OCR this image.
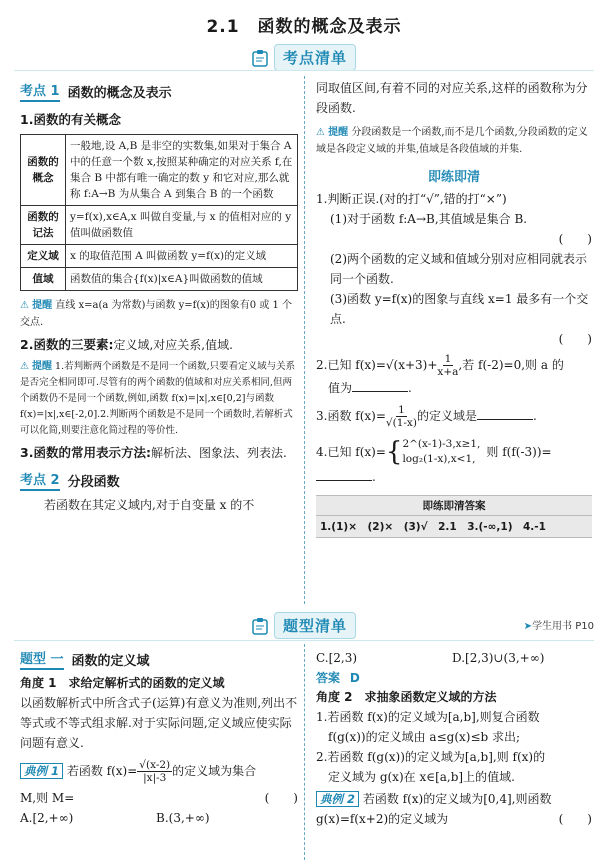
2.1　函数的概念及表示
考点清单
考点 1 函数的概念及表示
1.函数的有关概念
函数的概念	一般地,设 A,B 是非空的实数集,如果对于集合 A 中的任意一个数 x,按照某种确定的对应关系 f,在集合 B 中都有唯一确定的数 y 和它对应,那么就称 f:A→B 为从集合 A 到集合 B 的一个函数
函数的记法	y=f(x),x∈A,x 叫做自变量,与 x 的值相对应的 y 值叫做函数值
定义域	x 的取值范围 A 叫做函数 y=f(x)的定义域
值域	函数值的集合{f(x)|x∈A}叫做函数的值域
⚠ 提醒 直线 x=a(a 为常数)与函数 y=f(x)的图象有0 或 1 个交点.
2.函数的三要素:定义域,对应关系,值域.
⚠ 提醒 1.若判断两个函数是不是同一个函数,只要看定义域与关系是否完全相同即可.尽管有的两个函数的值域和对应关系相同,但两个函数仍不是同一个函数,例如,函数 f(x)=|x|,x∈[0,2]与函数 f(x)=|x|,x∈[-2,0].2.判断两个函数是不是同一个函数时,若解析式可以化简,则要注意化简过程的等价性.
3.函数的常用表示方法:解析法、图象法、列表法.
考点 2 分段函数
若函数在其定义域内,对于自变量 x 的不
同取值区间,有着不同的对应关系,这样的函数称为分段函数.
⚠ 提醒 分段函数是一个函数,而不是几个函数,分段函数的定义域是各段定义域的并集,值域是各段值域的并集.
即练即清
1.判断正误.(对的打“√”,错的打“×”)
(1)对于函数 f:A→B,其值域是集合 B.
(　　)
(2)两个函数的定义域和值域分别对应相同就表示同一个函数.
(3)函数 y=f(x)的图象与直线 x=1 最多有一个交点.
(　　)
2.已知 $f(x)=√(x+3)+ \frac{1}{x+a}$ ,若 f(-2)=0,则 a 的
值为	.
3.函数 $f(x)= \frac{1}{√(1-x)}$ 的定义域是	.
4.已知 f(x)= { 2^(x-1)-3,x≥1,
log₂(1-x),x<1, 则 f(f(-3))=
.
即练即清答案
1.(1)×　(2)×　(3)√　2.1　3.(-∞,1)　4.-1
题型清单	➤学生用书 P10
题型 一 函数的定义域
角度 1　求给定解析式的函数的定义域
以函数解析式中所含式子(运算)有意义为准则,列出不等式或不等式组求解.对于实际问题,定义域应使实际问题有意义.
典例 1 若函数 $f(x)= \frac{√(x-2)}{|x|-3}$ 的定义域为集合
M,则 M=	(　　)
A.[2,+∞)	B.(3,+∞)
C.[2,3)	D.[2,3)∪(3,+∞)
答案 D
角度 2　求抽象函数定义域的方法
1.若函数 f(x)的定义域为[a,b],则复合函数
f(g(x))的定义域由 a≤g(x)≤b 求出;
2.若函数 f(g(x))的定义域为[a,b],则 f(x)的
定义域为 g(x)在 x∈[a,b]上的值域.
典例 2 若函数 f(x)的定义域为[0,4],则函数
g(x)=f(x+2)的定义域为	(　　)
